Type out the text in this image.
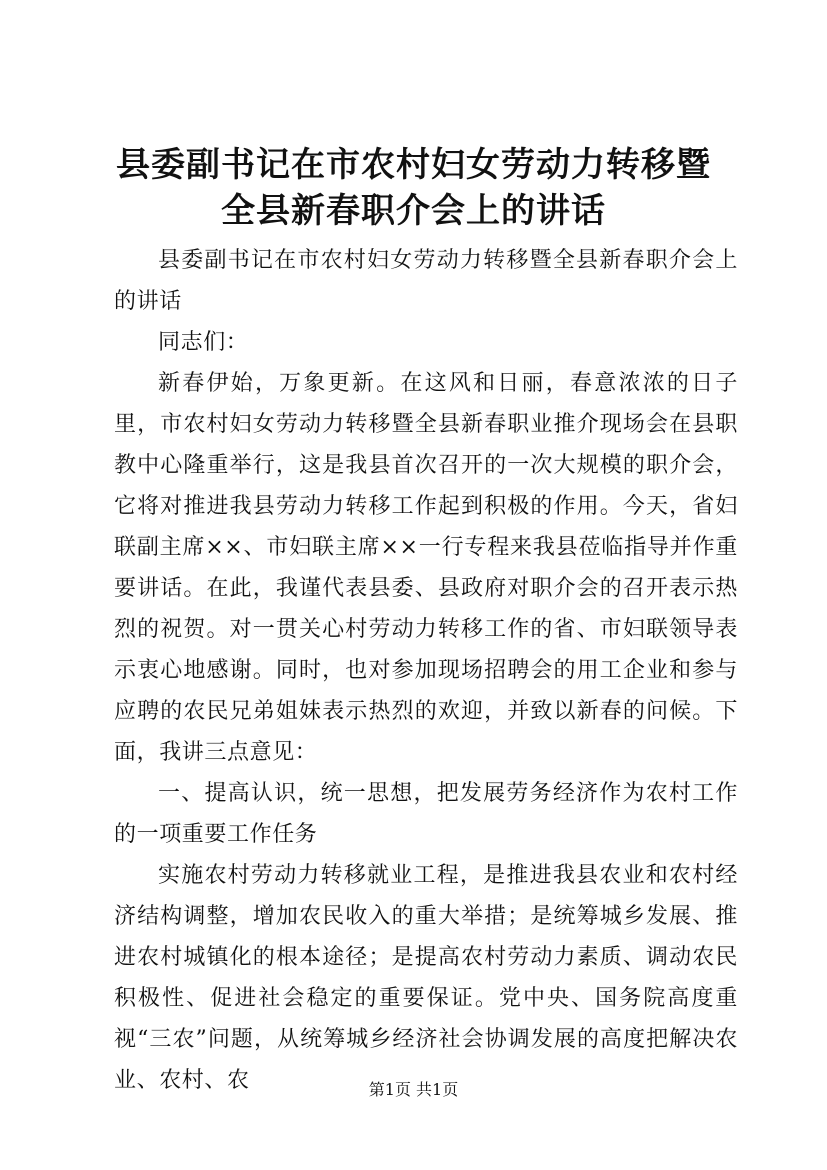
县委副书记在市农村妇女劳动力转移暨全县新春职介会上的讲话

县委副书记在市农村妇女劳动力转移暨全县新春职介会上的讲话

同志们：

新春伊始，万象更新。在这风和日丽，春意浓浓的日子里，市农村妇女劳动力转移暨全县新春职业推介现场会在县职教中心隆重举行，这是我县首次召开的一次大规模的职介会，它将对推进我县劳动力转移工作起到积极的作用。今天，省妇联副主席××、市妇联主席××一行专程来我县莅临指导并作重要讲话。在此，我谨代表县委、县政府对职介会的召开表示热烈的祝贺。对一贯关心村劳动力转移工作的省、市妇联领导表示衷心地感谢。同时，也对参加现场招聘会的用工企业和参与应聘的农民兄弟姐妹表示热烈的欢迎，并致以新春的问候。下面，我讲三点意见：

一、提高认识，统一思想，把发展劳务经济作为农村工作的一项重要工作任务

实施农村劳动力转移就业工程，是推进我县农业和农村经济结构调整，增加农民收入的重大举措；是统筹城乡发展、推进农村城镇化的根本途径；是提高农村劳动力素质、调动农民积极性、促进社会稳定的重要保证。党中央、国务院高度重视“三农”问题，从统筹城乡经济社会协调发展的高度把解决农业、农村、农	第1页 共1页
